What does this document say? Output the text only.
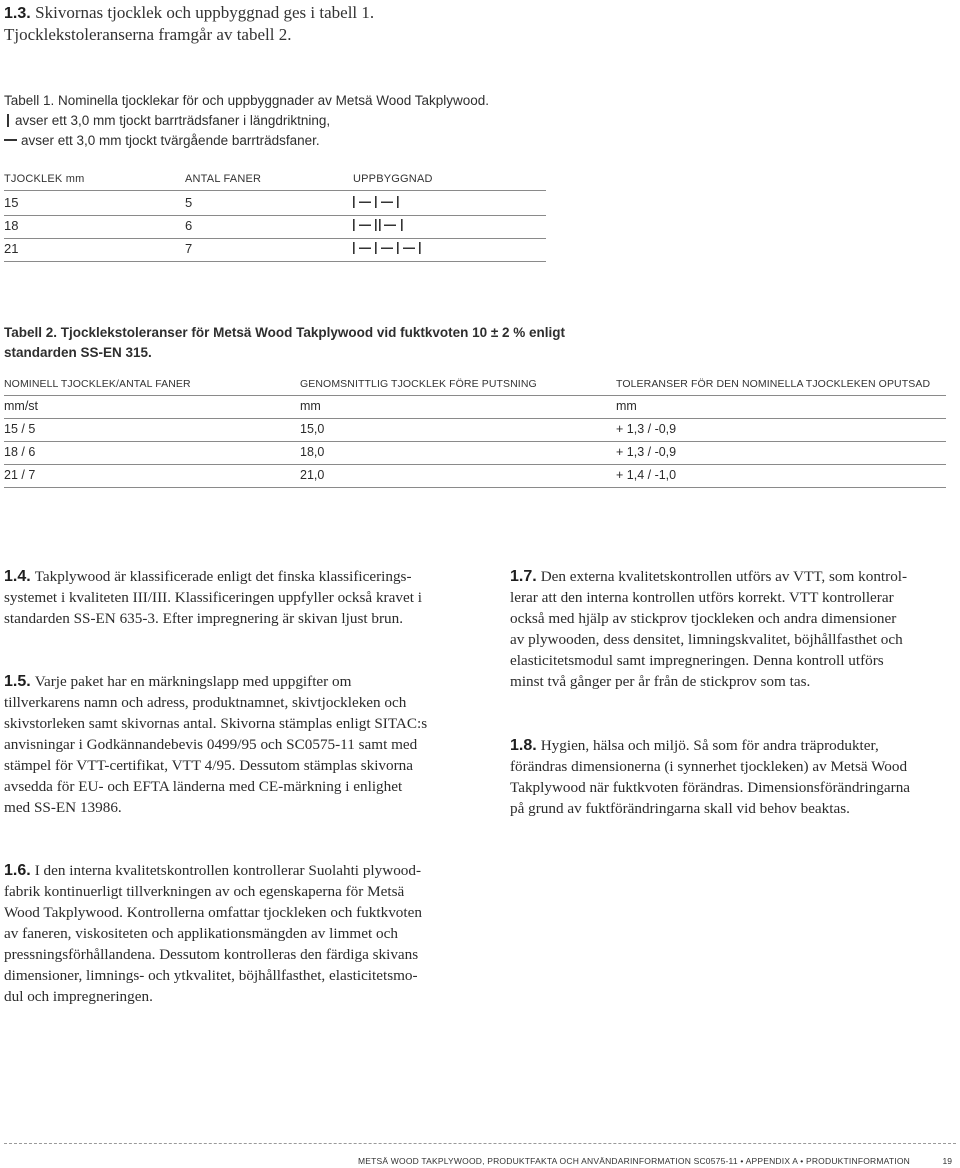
1.3. Skivornas tjocklek och uppbyggnad ges i tabell 1.
Tjocklekstoleranserna framgår av tabell 2.
Tabell 1. Nominella tjocklekar för och uppbyggnader av Metsä Wood Takplywood.
avser ett 3,0 mm tjockt barrträdsfaner i längdriktning,
avser ett 3,0 mm tjockt tvärgående barrträdsfaner.
TJOCKLEK mm	ANTAL FANER	UPPBYGGNAD
15	5
18	6
21	7
Tabell 2. Tjocklekstoleranser för Metsä Wood Takplywood vid fuktkvoten 10 ± 2 % enligt
standarden SS-EN 315.
NOMINELL TJOCKLEK/ANTAL FANER	GENOMSNITTLIG TJOCKLEK FÖRE PUTSNING	TOLERANSER FÖR DEN NOMINELLA TJOCKLEKEN OPUTSAD
mm/st	mm	mm
15 / 5	15,0	+ 1,3 / -0,9
18 / 6	18,0	+ 1,3 / -0,9
21 / 7	21,0	+ 1,4 / -1,0
1.4. Takplywood är klassificerade enligt det finska klassificerings-
systemet i kvaliteten III/III. Klassificeringen uppfyller också kravet i
standarden SS-EN 635-3. Efter impregnering är skivan ljust brun.
1.5. Varje paket har en märkningslapp med uppgifter om
tillverkarens namn och adress, produktnamnet, skivtjockleken och
skivstorleken samt skivornas antal. Skivorna stämplas enligt SITAC:s
anvisningar i Godkännandebevis 0499/95 och SC0575-11 samt med
stämpel för VTT-certifikat, VTT 4/95. Dessutom stämplas skivorna
avsedda för EU- och EFTA länderna med CE-märkning i enlighet
med SS-EN 13986.
1.6. I den interna kvalitetskontrollen kontrollerar Suolahti plywood-
fabrik kontinuerligt tillverkningen av och egenskaperna för Metsä
Wood Takplywood. Kontrollerna omfattar tjockleken och fuktkvoten
av faneren, viskositeten och applikationsmängden av limmet och
pressningsförhållandena. Dessutom kontrolleras den färdiga skivans
dimensioner, limnings- och ytkvalitet, böjhållfasthet, elasticitetsmo-
dul och impregneringen.
1.7. Den externa kvalitetskontrollen utförs av VTT, som kontrol-
lerar att den interna kontrollen utförs korrekt. VTT kontrollerar
också med hjälp av stickprov tjockleken och andra dimensioner
av plywooden, dess densitet, limningskvalitet, böjhållfasthet och
elasticitetsmodul samt impregneringen. Denna kontroll utförs
minst två gånger per år från de stickprov som tas.
1.8. Hygien, hälsa och miljö. Så som för andra träprodukter,
förändras dimensionerna (i synnerhet tjockleken) av Metsä Wood
Takplywood när fuktkvoten förändras. Dimensionsförändringarna
på grund av fuktförändringarna skall vid behov beaktas.
METSÄ WOOD TAKPLYWOOD, PRODUKTFAKTA OCH ANVÄNDARINFORMATION SC0575-11 • APPENDIX A • PRODUKTINFORMATION	19
